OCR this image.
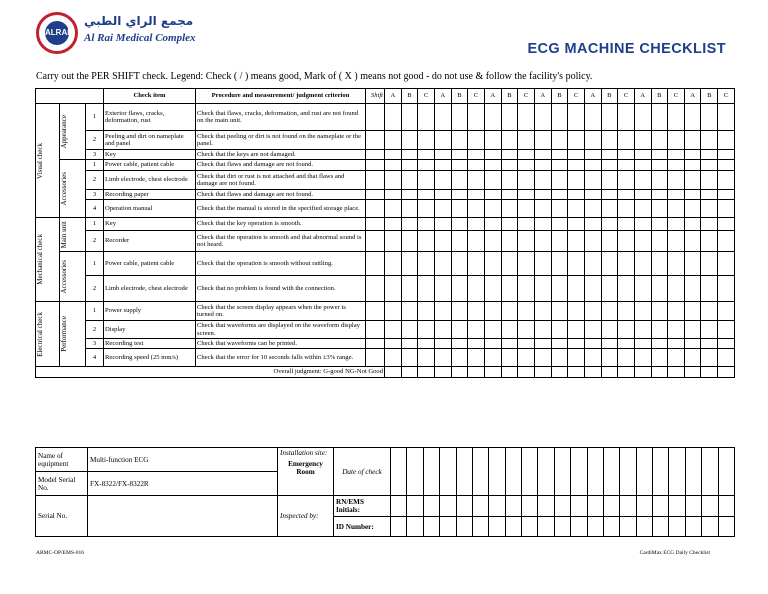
ALRAI
مجمع الراي الطبي
Al Rai Medical Complex
ECG MACHINE CHECKLIST
Carry out the PER SHIFT check. Legend: Check ( / ) means good, Mark of ( X ) means not good - do not use & follow the facility's policy.
			Check item	Procedure and measurement/ judgment criterion	Shift	A	B	C	A	B	C	A	B	C	A	B	C	A	B	C	A	B	C	A	B	C

Visual check	Appearance	1	Exterior flaws, cracks, deformation, rust	Check that flaws, cracks, deformation, and rust are not found on the main unit.																						
		2	Peeling and dirt on nameplate and panel	Check that peeling or dirt is not found on the nameplate or the panel.																						
		3	Key	Check that the keys are not damaged.																						

	Accessories	1	Power cable, patient cable	Check that flaws and damage are not found.																						
		2	Limb electrode, chest electrode	Check that dirt or rust is not attached and that flaws and damage are not found.																						
		3	Recording paper	Check that flaws and damage are not found.																						
		4	Operation manual	Check that the manual is stored in the specified storage place.																						

Mechanical check	Main unit	1	Key	Check that the key operation is smooth.																						
		2	Recorder	Check that the operation is smooth and that abnormal sound is not heard.																						

	Accessories	1	Power cable, patient cable	Check that the operation is smooth without rattling.																						
		2	Limb electrode, chest electrode	Check that no problem is found with the connection.																						

Electrical check	Performance	1	Power supply	Check that the screen display appears when the power is turned on.																						
		2	Display	Check that waveforms are displayed on the waveform display screen.																						
		3	Recording test	Check that waveforms can be printed.																						
		4	Recording speed (25 mm/s)	Check that the error for 10 seconds falls within ±3% range.																						
Overall judgment: G-good NG-Not Good																										
Name of equipment	Multi-function ECG	Installation site:
Emergency Room	Date of check																					
Model Serial No.	FX-8322/FX-8322R																							
Serial No.		Inspected by:	RN/EMS Initials:																					
			ID Number:																					
ARMC-OP/EMS-016	CardiMax ECG Daily Checklist
